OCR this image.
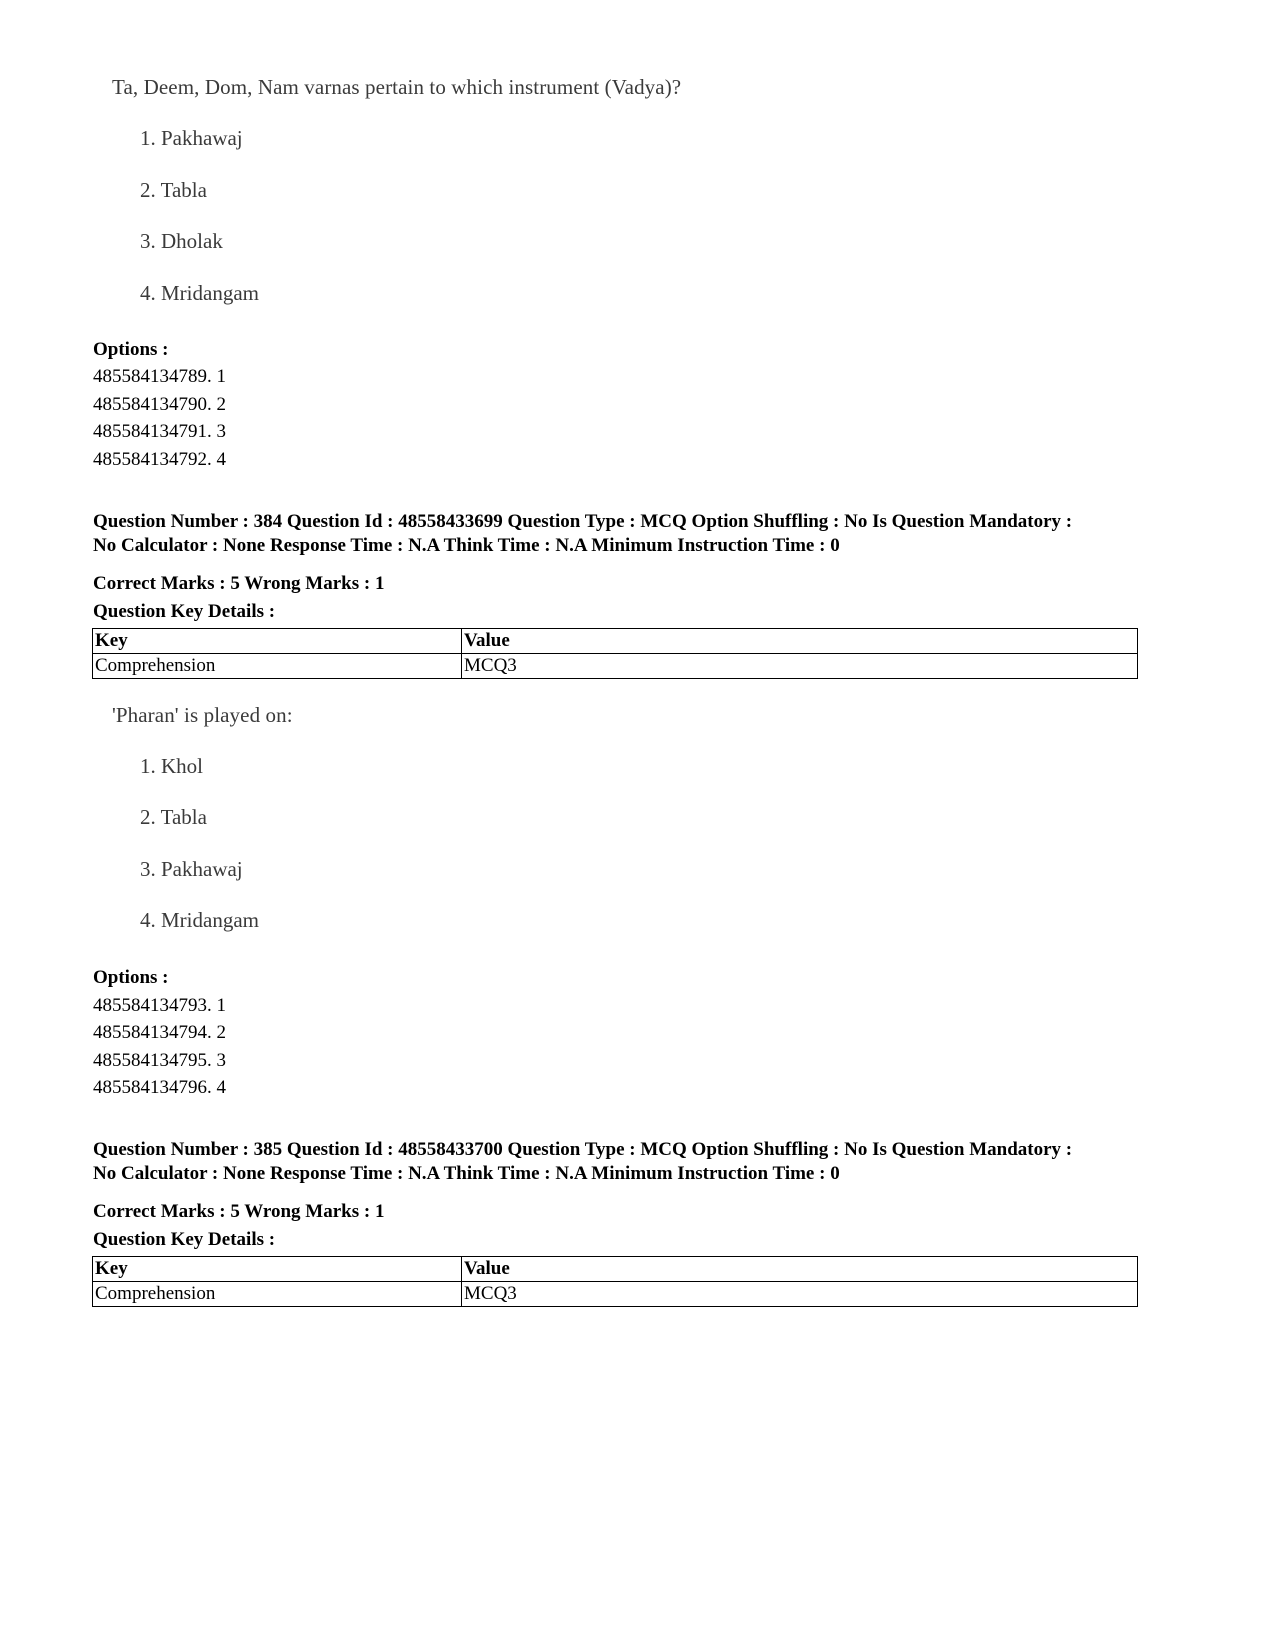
Ta, Deem, Dom, Nam varnas pertain to which instrument (Vadya)?
1. Pakhawaj
2. Tabla
3. Dholak
4. Mridangam
Options :
485584134789. 1
485584134790. 2
485584134791. 3
485584134792. 4
Question Number : 384 Question Id : 48558433699 Question Type : MCQ Option Shuffling : No Is Question Mandatory :
No Calculator : None Response Time : N.A Think Time : N.A Minimum Instruction Time : 0
Correct Marks : 5 Wrong Marks : 1
Question Key Details :
Key	Value
Comprehension	MCQ3
'Pharan' is played on:
1. Khol
2. Tabla
3. Pakhawaj
4. Mridangam
Options :
485584134793. 1
485584134794. 2
485584134795. 3
485584134796. 4
Question Number : 385 Question Id : 48558433700 Question Type : MCQ Option Shuffling : No Is Question Mandatory :
No Calculator : None Response Time : N.A Think Time : N.A Minimum Instruction Time : 0
Correct Marks : 5 Wrong Marks : 1
Question Key Details :
Key	Value
Comprehension	MCQ3
